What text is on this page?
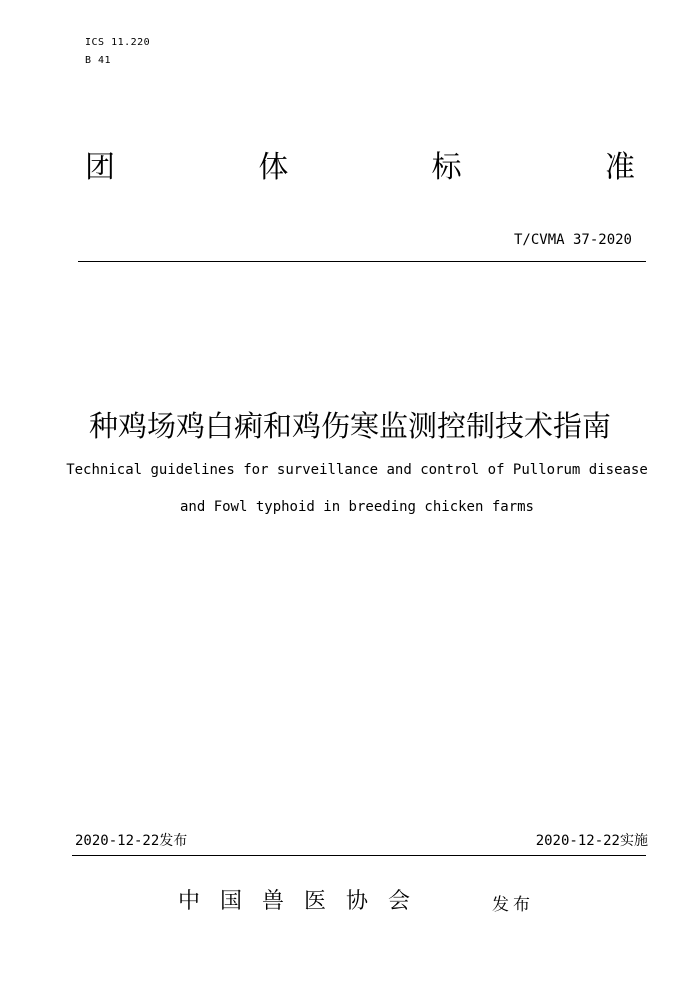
ICS 11.220
B 41
团	体	标	准
T/CVMA 37-2020
种鸡场鸡白痢和鸡伤寒监测控制技术指南
Technical guidelines for surveillance and control of Pullorum disease
and Fowl typhoid in breeding chicken farms
2020-12-22发布	2020-12-22实施
中国兽医协会	发布
